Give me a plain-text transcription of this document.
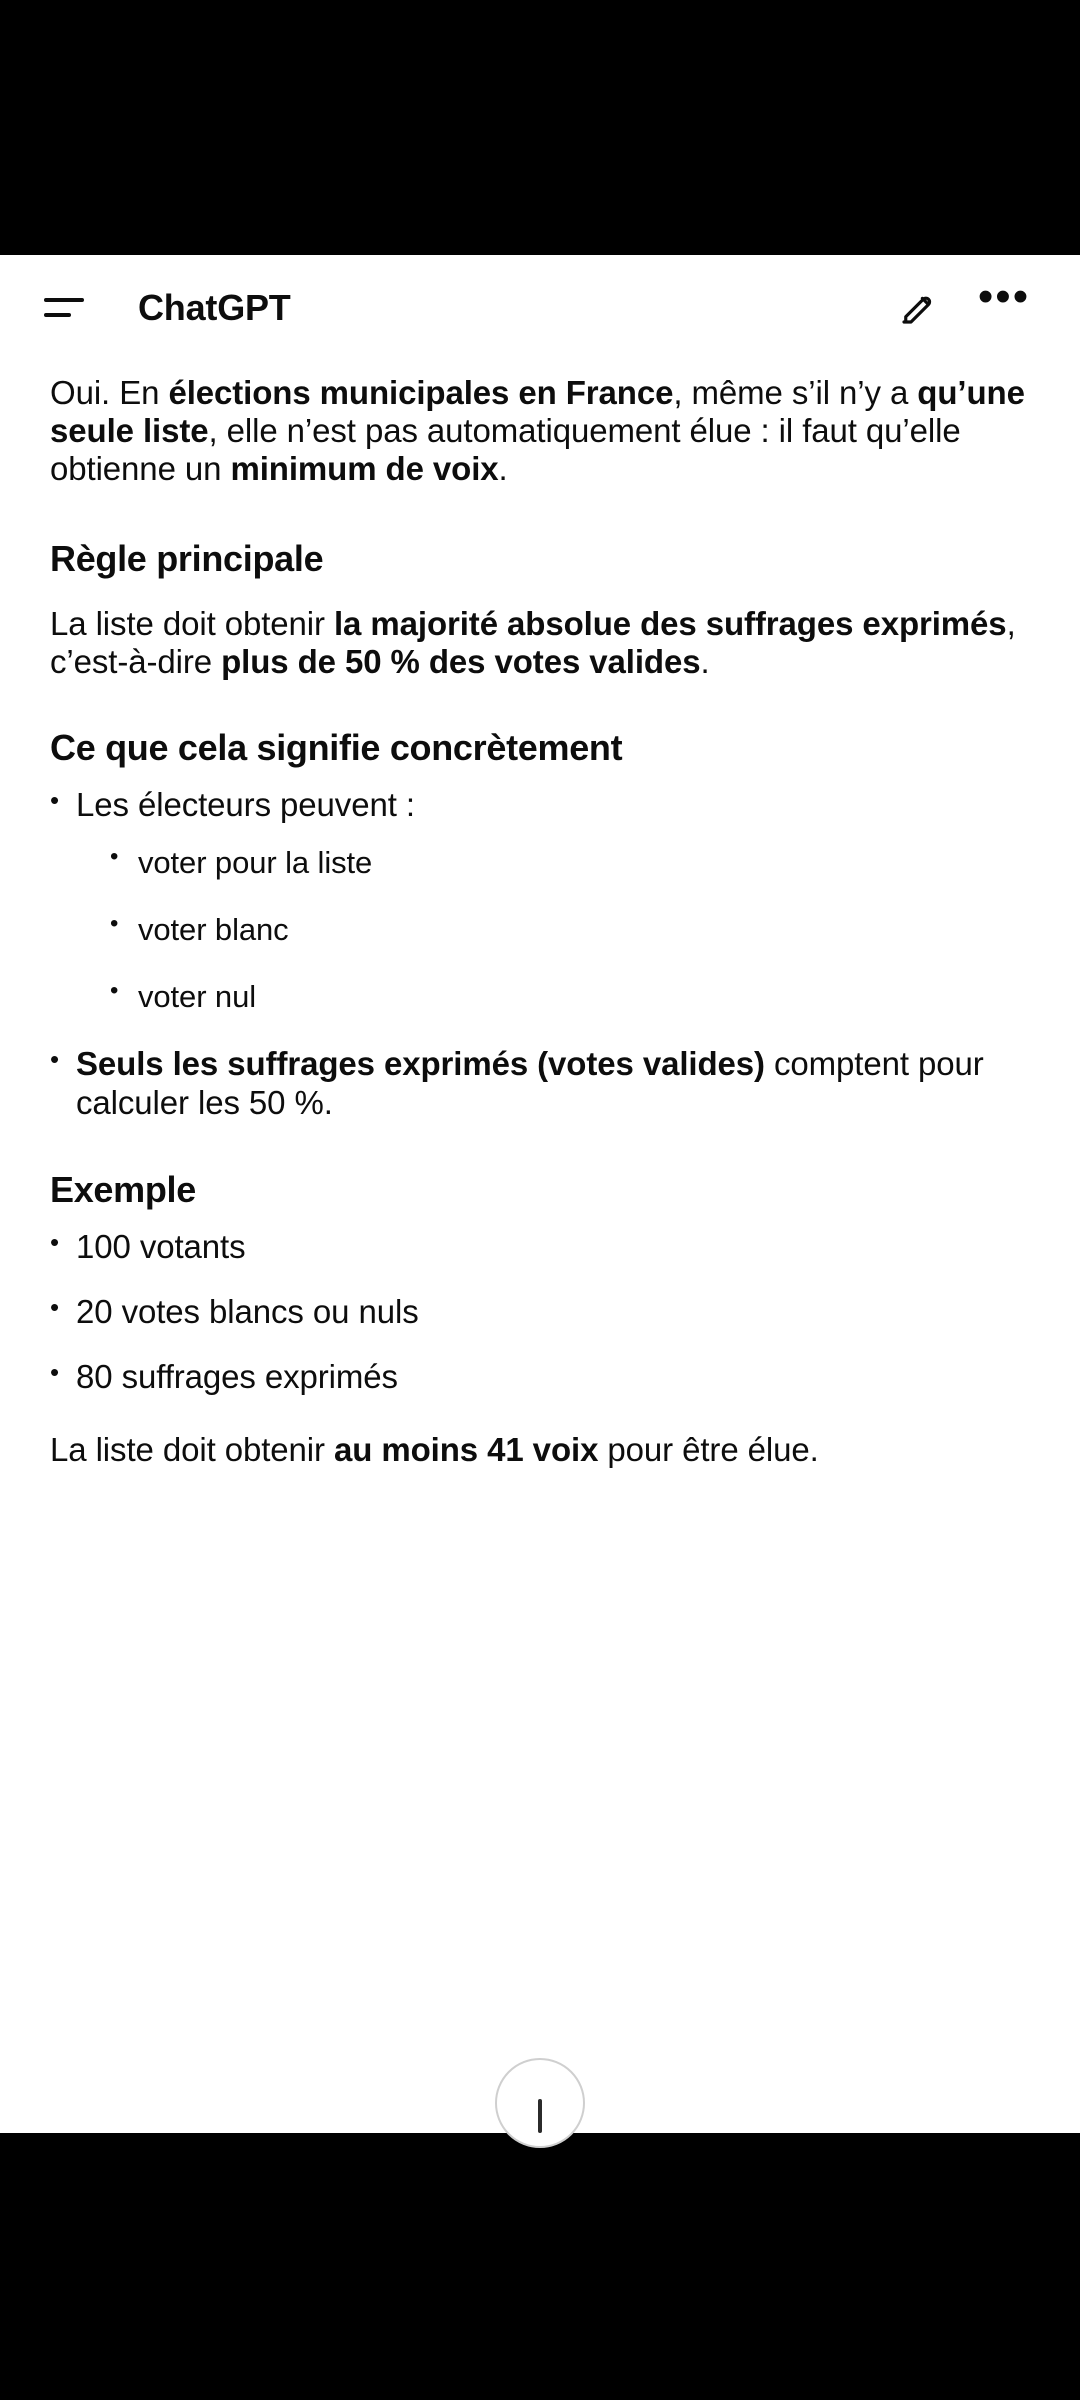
ChatGPT	•••

Oui. En élections municipales en France, même s’il n’y a qu’une seule liste, elle n’est pas automatiquement élue : il faut qu’elle obtienne un minimum de voix.

Règle principale

La liste doit obtenir la majorité absolue des suffrages exprimés, c’est-à-dire plus de 50 % des votes valides.

Ce que cela signifie concrètement
• Les électeurs peuvent :
• voter pour la liste
• voter blanc
• voter nul
• Seuls les suffrages exprimés (votes valides) comptent pour calculer les 50 %.
Exemple
• 100 votants
• 20 votes blancs ou nuls
• 80 suffrages exprimés

La liste doit obtenir au moins 41 voix pour être élue.
